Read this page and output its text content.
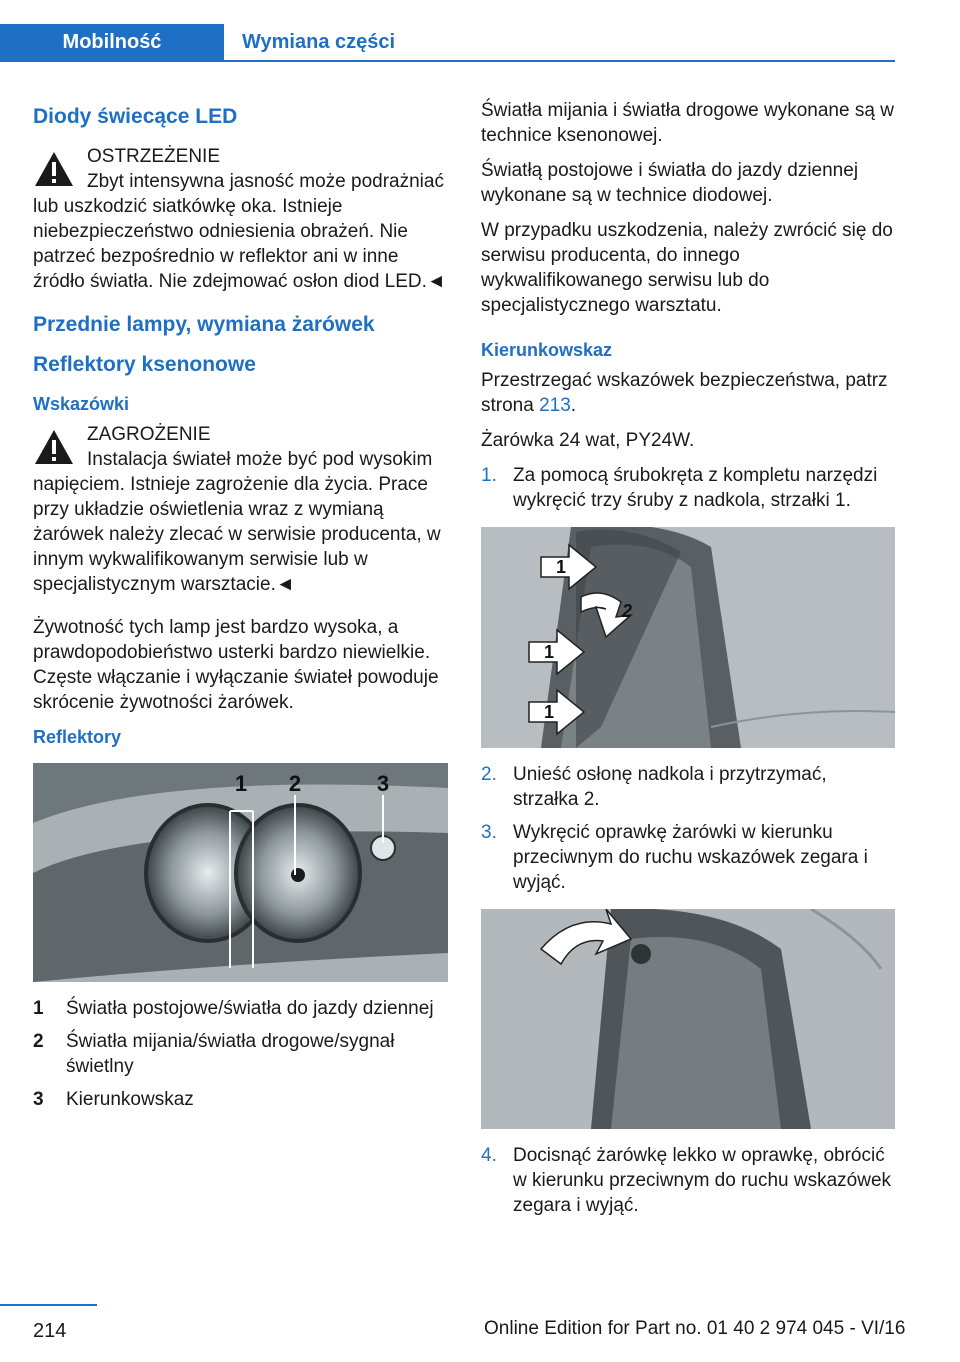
Mobilność	Wymiana części
Diody świecące LED
OSTRZEŻENIE
Zbyt intensywna jasność może podrażniać lub uszkodzić siatkówkę oka. Istnieje niebezpieczeństwo odniesienia obrażeń. Nie patrzeć bezpośrednio w reflektor ani w inne źródło światła. Nie zdejmować osłon diod LED.◄
Przednie lampy, wymiana żarówek
Reflektory ksenonowe
Wskazówki
ZAGROŻENIE
Instalacja świateł może być pod wysokim napięciem. Istnieje zagrożenie dla życia. Prace przy układzie oświetlenia wraz z wymianą żarówek należy zlecać w serwisie producenta, w innym wykwalifikowanym serwisie lub w specjalistycznym warsztacie.◄

Żywotność tych lamp jest bardzo wysoka, a prawdopodobieństwo usterki bardzo niewielkie. Częste włączanie i wyłączanie świateł powoduje skrócenie żywotności żarówek.

Reflektory
1 2	3
1	Światła postojowe/światła do jazdy dziennej
2	Światła mijania/światła drogowe/sygnał świetlny
3	Kierunkowskaz

Światła mijania i światła drogowe wykonane są w technice ksenonowej.

Światłą postojowe i światła do jazdy dziennej wykonane są w technice diodowej.

W przypadku uszkodzenia, należy zwrócić się do serwisu producenta, do innego wykwalifikowanego serwisu lub do specjalistycznego warsztatu.

Kierunkowskaz

Przestrzegać wskazówek bezpieczeństwa, patrz strona 213.

Żarówka 24 wat, PY24W.

1. Za pomocą śrubokręta z kompletu narzędzi wykręcić trzy śruby z nadkola, strzałki 1.
1
2
1
1
2. Unieść osłonę nadkola i przytrzymać, strzałka 2.
3. Wykręcić oprawkę żarówki w kierunku przeciwnym do ruchu wskazówek zegara i wyjąć.
4. Docisnąć żarówkę lekko w oprawkę, obrócić w kierunku przeciwnym do ruchu wskazówek zegara i wyjąć.
214	Online Edition for Part no. 01 40 2 974 045 - VI/16
